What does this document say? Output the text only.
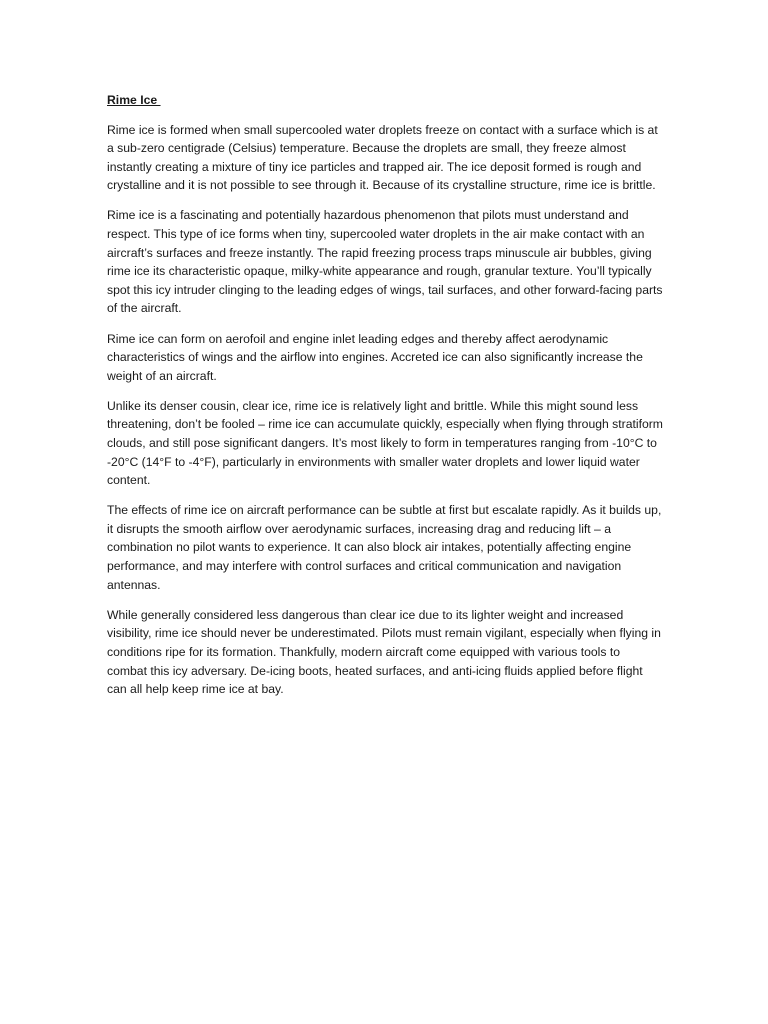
Rime Ice

Rime ice is formed when small supercooled water droplets freeze on contact with a surface which is at a sub-zero centigrade (Celsius) temperature. Because the droplets are small, they freeze almost instantly creating a mixture of tiny ice particles and trapped air. The ice deposit formed is rough and crystalline and it is not possible to see through it. Because of its crystalline structure, rime ice is brittle.

Rime ice is a fascinating and potentially hazardous phenomenon that pilots must understand and respect. This type of ice forms when tiny, supercooled water droplets in the air make contact with an aircraft’s surfaces and freeze instantly. The rapid freezing process traps minuscule air bubbles, giving rime ice its characteristic opaque, milky-white appearance and rough, granular texture. You’ll typically spot this icy intruder clinging to the leading edges of wings, tail surfaces, and other forward-facing parts of the aircraft.

Rime ice can form on aerofoil and engine inlet leading edges and thereby affect aerodynamic characteristics of wings and the airflow into engines. Accreted ice can also significantly increase the weight of an aircraft.

Unlike its denser cousin, clear ice, rime ice is relatively light and brittle. While this might sound less threatening, don’t be fooled – rime ice can accumulate quickly, especially when flying through stratiform clouds, and still pose significant dangers. It’s most likely to form in temperatures ranging from -10°C to -20°C (14°F to -4°F), particularly in environments with smaller water droplets and lower liquid water content.

The effects of rime ice on aircraft performance can be subtle at first but escalate rapidly. As it builds up, it disrupts the smooth airflow over aerodynamic surfaces, increasing drag and reducing lift – a combination no pilot wants to experience. It can also block air intakes, potentially affecting engine performance, and may interfere with control surfaces and critical communication and navigation antennas.

While generally considered less dangerous than clear ice due to its lighter weight and increased visibility, rime ice should never be underestimated. Pilots must remain vigilant, especially when flying in conditions ripe for its formation. Thankfully, modern aircraft come equipped with various tools to combat this icy adversary. De-icing boots, heated surfaces, and anti-icing fluids applied before flight can all help keep rime ice at bay.
